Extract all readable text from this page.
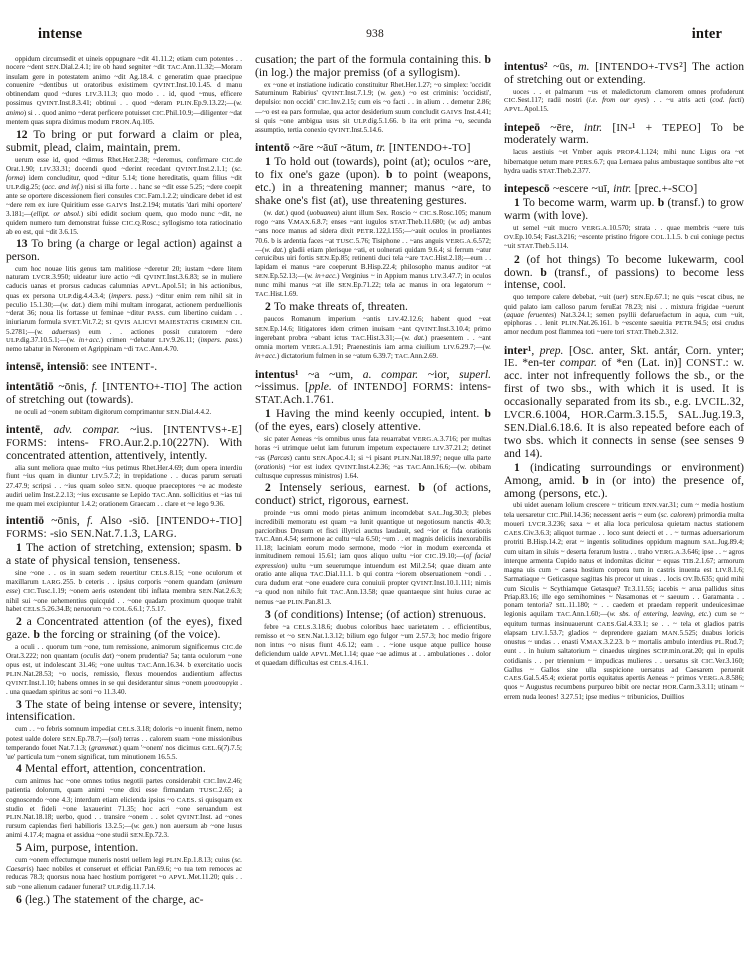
intense	938	inter

oppidum circumsedit et uineis oppugnare ~dit 41.11.2; etiam cum potentes . . nocere ~dent SEN.Dial.2.4.1; ire ob haud segniter ~dit TAC.Ann.11.32;—Moram insulam gere in potestatem animo ~dit Ag.18.4. c generatim quae praecipue conuenire ~dentibus ut oratoribus existimem QVINT.Inst.10.1.45. d manu obtinendam quod ~dures LIV.3.11.3; quo modo . . id, quod ~mus, efficere possimus QVINT.Inst.8.3.41; obtinui . . quod ~deram PLIN.Ep.9.13.22;—(w. animo) si . . quod animo ~derat perficere potuisset CIC.Phil.10.9;—diligenter ~dat mentem quas supra diximus modum FRON.Aq.105.

12 To bring or put forward a claim or plea, submit, plead, claim, maintain, prem.

uerum esse id, quod ~dimus Rhet.Her.2.38; ~deremus, confirmare CIC.de Orat.1.90; LIV.33.31; docendi quod ~derint recedant QVINT.Inst.2.1.1; (sc. forma) idem concluditur, quod ~ditur 5.14; tione hereditatis, quam filius ~dit ULP.dig.25; (acc. and inf.) nisi si illa forte . . hanc se ~dit esse 5.25; ~dere coepit ante se oportere discessionem fieri consules CIC.Fam.1.2.2; uindicare debet id est ~dere rem ex iure Quiritium esse GAIVS Inst.2.194; mutatis 'dari mihi oportere' 3.181;—(ellipt. or absol.) sibi edidit socium quem, quo modo nunc ~dit, ne quidem numero tum demonstrat fuisse CIC.Q.Rosc.; syllogismo tota ratiocinatio ab eo est, qui ~dit 3.6.15.

13 To bring (a charge or legal action) against a person.

cum hoc nouae litis genus tam malitiose ~deretur 20; iustam ~dere litem naturam LVCR.3.950; uideatur iure actio ~di QVINT.Inst.3.6.83; se in muliere caducis uanas et prorsus caducas calumnias APVL.Apol.51; in his actionibus, quas ex persona ULP.dig.4.4.3.4; (impers. pass.) ~ditur enim rem nihil sit in peculio 15.1.30;—(w. dat.) diem mihi multam inrogarat, actionem perduellionis ~derat 36; noua lis fortasse ut feminae ~ditur PASS. cum libertino cuidam . . iniuriarum formula SVET.Vit.7.2; SI QVIS ALICVI MAIESTATIS CRIMEN CIL 5.2781;—(w. aduersus) eum . . actiones possit curatorem ~dere ULP.dig.37.10.5.1;—(w. in+acc.) crimen ~debatur LIV.9.26.11; (impers. pass.) nemo tabatur in Neronem et Agrippinam ~di TAC.Ann.4.70.

intensē, intensiō: see INTENT-.

intentātiō ~ōnis, f. [INTENTO+-TIO] The action of stretching out (towards).

ne oculi ad ~onem subitam digitorum comprimantur SEN.Dial.4.4.2.

intentē, adv. compar. ~ius. [INTENTVS+-E] FORMS: intens- FRO.Aur.2.p.10(227N). With concentrated attention, attentively, intently.

alia sunt meliora quae multo ~ius petimus Rhet.Her.4.69; dum opera interdiu fiunt ~ius quam in diuntur LIV.5.7.2; in trepidatione . . ducas parum seruati 27.47.9; scripsi . . ~ius quam soleo SEN. quoque praeceptores ~e ac modeste audiri uelim Inst.2.2.13; ~ius excusante se Lepido TAC.Ann. sollicitius et ~ias tui me quam mei excipiuntur 1.4.2; orationem Graecam . . clare et ~e lego 9.36.

intentiō ~ōnis, f. Also -siō. [INTENDO+-TIO] FORMS: -sio SEN.Nat.7.1.3, LARG.

1 The action of stretching, extension; spasm. b a state of physical tension, tenseness.

sine ~one . . os in suam sedem reuertitur CELS.8.15; ~one oculorum et maxillarum LARG.255. b ceteris . . ipsius corporis ~onem quandam (animum esse) CIC.Tusc.1.19; ~onem aeris ostendent tibi inflata membra SEN.Nat.2.6.3; nihil sui ~one uehementius quicquid . . ~one quadam proximum quoque trahit habet CELS.5.26.34.B; neruorum ~o COL.6.6.1; 7.5.17.

2 a Concentrated attention (of the eyes), fixed gaze. b the forcing or straining (of the voice).

a oculi . . quorum tum ~one, tum remissione, animorum significemus CIC.de Orat.3.222; non quantam (oculis dat) ~onem prudentia? 5a; tanta oculorum ~one opus est, ut indolescant 31.46; ~one uultus TAC.Ann.16.34. b exercitatio uocis PLIN.Nat.28.53; ~o uocis, remissio, flexus mouendos audientium affectus QVINT.Inst.1.10; habens omnes in se qui desiderantur sinus ~onem μουσουργία . . una quaedam spiritus ac soni ~o 11.3.40.

3 The state of being intense or severe, intensity; intensification.

cum . . ~o febris somnum impediat CELS.3.18; doloris ~o inuenit finem, nemo potest ualde dolere SEN.Ep.78.7;—(sol) terras . . calorem suam ~one missionibus temperando fouet Nat.7.1.3; (grammat.) quam '~onem' nos dicimus GEL.6(7).7.5; 'ue' particula tum ~onem significat, tum minutionem 16.5.5.

4 Mental effort, attention, concentration.

cum animus hac ~one omnes totius negotii partes considerabit CIC.Inv.2.46; patientia dolorum, quam animi ~one dixi esse firmandam TUSC.2.65; a cognoscendo ~one 4.3; interdum etiam elicienda ipsius ~o CAES. si quisquam ex studio et fideli ~one laxauerint 71.35; hoc acri ~one seruandum est PLIN.Nat.18.18; uerbo, quod . . transire ~onem . . solet QVINT.Inst. ad ~ones rursum capiendas fieri habilioris 13.2.5;—(w. gen.) non auersum ab ~one lusus animi 4.17.4; magna et assidua ~one studii SEN.Ep.72.3.

5 Aim, purpose, intention.

cum ~onem effectumque muneris nostri uellem legi PLIN.Ep.1.8.13; cuius (sc. Caesaris) haec nobiles et conseruet et efficiat Pan.69.6; ~o tua tem remoces ac reducas 78.3; quorsus noua haec hostium porrigeret ~o APVL.Met.11.20; quis . . sub ~one alienum cadauer funerat? ULP.dig.11.7.14.

6 (leg.) The statement of the charge, ac-

cusation; the part of the formula containing this. b (in log.) the major premiss (of a syllogism).

ex ~one et instiatione iudicatio constituitur Rhet.Her.1.27; ~o simplex: 'occidit Saturninum Rabirius' QVINT.Inst.7.1.9; (w. gen.) ~o est criminis: 'occidisti', depulsio: non occidi' CIC.Inv.2.15; cum eis ~o facti . . in alium . . demetur 2.86;—~o est ea pars formulae, qua actor desiderium suum concludit GAIVS Inst.4.41; si quis ~one ambigua usus sit ULP.dig.5.1.66. b ita erit prima ~o, secunda assumptio, tertia conexio QVINT.Inst.5.14.6.

intentō ~āre ~āuī ~ātum, tr. [INTENDO+-TO]

1 To hold out (towards), point (at); oculos ~are, to fix one's gaze (upon). b to point (weapons, etc.) in a threatening manner; manus ~are, to shake one's fist (at), use threatening gestures.

(w. dat.) quod (uobuaneu) aiunt illum Sex. Roscio ~ CIC.S.Rosc.105; manum rogo ~ans V.MAX.6.8.7; enses ~ant iugulos STAT.Theb.11.680; (w. ad) ambas ~ans noce manus ad sidera dixit PETR.122,l.155;—~auit oculos in proeliantes 70.6. b is ardentia faces ~at TUSC.5.76; Tisiphone . . ~ans anguis VERG.A.6.572;—(w. dat.) gladii etiam plerisque ~ati, et uolnerati quidam 9.6.4; si ferrum ~atur ceruicibus uiri fortis SEN.Ep.85; retinenti duci tela ~are TAC.Hist.2.18;—eum . . lapidam ei manus ~are coeperunt B.Hisp.22.4; philosopho manus auditor ~at SEN.Ep.52.13;—(w. in+acc.) Verginius ~ in Appium manus LIV.3.47.7; in oculos nunc mihi manus ~at ille SEN.Ep.71.22; tela ac manus in ora legatorum ~ TAC.Hist.1.69.

2 To make threats of, threaten.

paucos Romanum imperium ~antis LIV.42.12.6; habent quod ~eat SEN.Ep.14.6; litigatores idem crimen inuisam ~ant QVINT.Inst.3.10.4; primo ingerebant probra ~abant ictus TAC.Hist.3.31;—(w. dat.) praesentem . . ~ant omnia mortem VERG.A.1.91; Praenestinis iam arma ciuilium LIV.6.29.7;—(w. in+acc.) dictatorium fulmen in se ~atum 6.39.7; TAC.Ann.2.69.

intentus¹ ~a ~um, a. compar. ~ior, superl. ~issimus. [pple. of INTENDO] FORMS: intens- STAT.Ach.1.761.

1 Having the mind keenly occupied, intent. b (of the eyes, ears) closely attentive.

sic pater Aeneas ~is omnibus unus fata reuarrabat VERG.A.3.716; per multas horas ~i utrimque uelut iam futurum impetum expectauere LIV.37.21.2; detinet ~as (Parcas) cantu SEN.Apoc.4.1; si ~i pisant PLIN.Nat.18.97; neque ulla parte (orationis) ~ior est iudex QVINT.Inst.4.2.36; ~as TAC.Ann.16.6;—(w. obibam cultusque cupressus ministros) 1.64.

2 Intensely serious, earnest. b (of actions, conduct) strict, rigorous, earnest.

proinde ~us omni modo pietas animum incomdebat SAL.Jug.30.3; plebes incredibili memoratu est quam ~a lunit quantique ut negotiosum nanctis 40.3; parcioribus Drusum et fisci illyrici auctus laudauit, sed ~ior et fida orationis TAC.Ann.4.54; sermone ac cultu ~ula 6.50; ~um . . et magnis deliciis inexorabilis 11.18; laciniam eorum modo sermone, modo ~ior in modum exercenda et inmitudinem remoui 15.61; iam quos aliquo uultu ~ior CIC.19.10;—(of facial expression) uultu ~um seuerumque intuendum est Mil.2.54; quae diuam ante oratio ante aliqua TAC.Dial.11.1. b qui contra ~iorem obseruationem ~ondi . . cura dudum erat ~one euadere cura conuiuii propter QVINT.Inst.10.1.111; nimis ~a quod non nihilo fuit TAC.Ann.13.58; quae quantaeque sint huius curae ac nemus ~ae PLIN.Pan.81.3.

3 (of conditions) Intense; (of action) strenuous.

febre ~a CELS.3.18.6; duobus coloribus haec uarietatem . . efficientibus, remisso et ~o SEN.Nat.1.3.12; bilium ego fulgor ~um 2.57.3; hoc medio frigore non intus ~o nisus fiunt 4.6.12; eam . . ~ione usque atque pullice house deficiendum ualde APVL.Met.1.14; quae ~ae adimus at . . ambulationes . . dolor et quaedam difficultas est CELS.4.16.1.

intentus² ~ūs, m. [INTENDO+-TVS²] The action of stretching out or extending.

uoces . . et palmarum ~us et maledictorum clamorem omnes profuderunt CIC.Sest.117; radii nostri (i.e. from our eyes) . . ~u atris acti (cod. facti) APVL.Apol.15.

intepeō ~ēre, intr. [IN-¹ + TEPEO] To be moderately warm.

lacus aestiuis ~et Vmber aquis PROP.4.1.124; mihi nunc Ligus ora ~et hibernatque uetum mare PERS.6.7; qua Lernaea palus ambustaque sontibus alte ~et hydra uadis STAT.Theb.2.377.

intepescō ~escere ~uī, intr. [prec.+-SCO]

1 To become warm, warm up. b (transf.) to grow warm (with love).

ut semel ~uit mucro VERG.A.10.570; strata . . quae membris ~uere tuis OV.Ep.10.54; Fast.3.216; ~escente pristino frigore COL.1.1.5. b cui coniuge pectus ~uit STAT.Theb.5.114.

2 (of hot things) To become lukewarm, cool down. b (transf., of passions) to become less intense, cool.

quo tempore calere debebat, ~uit (uer) SEN.Ep.67.1; ne quis ~escat cibus, ne quid palato iam calloso parum feruEat 78.23; nisi . . mixtura frigidae ~uerunt (aquae feruentes) Nat.3.24.1; semen psyllii defaruefactum in aqua, cum ~uit, epiphoras . . lenit PLIN.Nat.26.161. b ~escente saeuitia PETR.94.5; etsi crudus amor necdum post flammea toti ~uere tori STAT.Theb.2.312.

inter¹, prep. [Osc. anter, Skt. antár, Corn. ynter; IE. *en-ter compar. of *en (Lat. in)] CONST.: w. acc. inter not infrequently follows the sb., or the first of two sbs., with which it is used. It is occasionally separated from its sb., e.g. LVCIL.32, LVCR.6.1004, HOR.Carm.3.15.5, SAL.Jug.19.3, SEN.Dial.6.18.6. It is also repeated before each of two sbs. which it connects in sense (see senses 9 and 14).

1 (indicating surroundings or environment) Among, amid. b in (or into) the presence of, among (persons, etc.).

ubi uidet auenam lolium crescere ~ triticum ENN.var.31; cum ~ media hostium tela uersaretur CIC.Phil.14.36; necessent aeris ~ eum (sc. calorem) primordia multa moueri LVCR.3.236; saxa ~ et alia loca periculosa quietam nactus stationem CAES.Civ.3.6.3; aliquot turmae . . loco sunt deiecti et . . ~ turmas aduersariorum protriti B.Hisp.14.2; erat ~ ingentis solitudines oppidum magnum SAL.Jug.89.4; cum uitam in siluis ~ deserta ferarum lustra . . traho VERG.A.3.646; ipse . . ~ agros interque armenta Cupido natus et indomitas dicitur ~ equas TIB.2.1.67; armorum magna uis cum ~ caesa hostium corpora tum in castris inuenta est LIV.8.1.6; Sarmatiaque ~ Geticasque sagittas his precor ut uiuas . . locis OV.Ib.635; quid mihi cum Siculis ~ Scythiamque Getasque? Tr.3.11.55; iacebis ~ arua pallidus situs Priap.83.16; ille ego semihomines ~ Nasamonas et ~ saeuum . . Garamanta . . ponam tentoria? SIL.11.180; ~ . . caedem et praedam repperit undeuicesimae legionis aquilam TAC.Ann.1.60;—(w. sbs. of entering, leaving, etc.) cum se ~ equitum turmas insinuauerunt CAES.Gal.4.33.1; se . . ~ tela et gladios patris elapsam LIV.1.53.7; gladios ~ deprendere gaziam MAN.5.525; duabus loricis onustus ~ undas . . enasti V.MAX.3.2.23. b ~ mortalis ambulo interdius PL.Rud.7; eunt . . in huium saltatorium ~ cinaedus uirgines SCIP.min.orat.20; qui in epulis cotidianis . . per triennium ~ impudicas mulieres . . uersatus sit CIC.Ver.3.160; Gallus ~ Gallos sine ulla suspicione uersatus ad Caesarem peruenit CAES.Gal.5.45.4; exierat portis equitatus apertis Aeneas ~ primos VERG.A.8.586; quos ~ Augustus recumbens purpureo bibit ore nectar HOR.Carm.3.3.11; utinam ~ errem nuda leones! 3.27.51; ipse medius ~ tribunicios, Duillios
